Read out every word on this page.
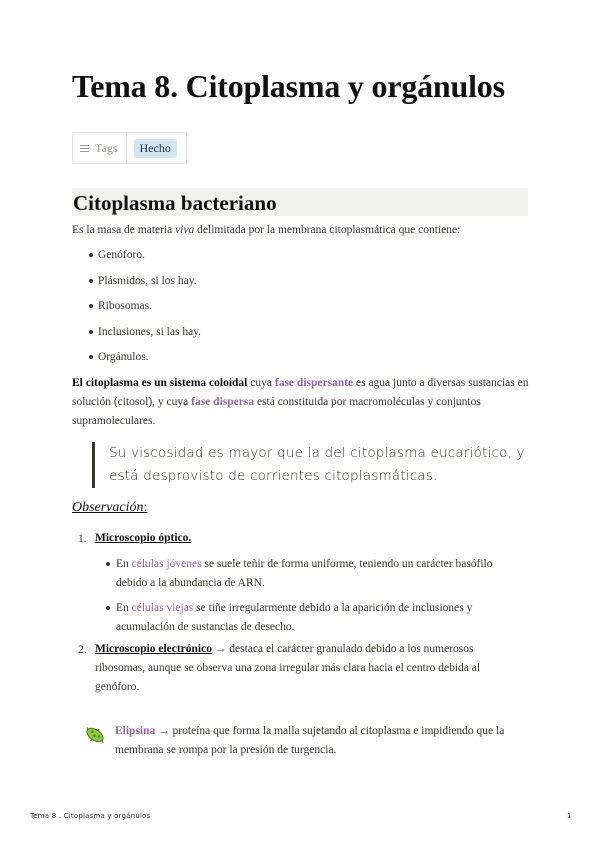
Tema 8. Citoplasma y orgánulos
Tags	Hecho
Citoplasma bacteriano

Es la masa de materia viva delimitada por la membrana citoplasmática que contiene:

Genóforo.
Plásmidos, si los hay.
Ribosomas.
Inclusiones, si las hay.
Orgánulos.

El citoplasma es un sistema coloidal cuya fase dispersante es agua junto a diversas sustancias en solución (citosol), y cuya fase dispersa está constituida por macromoléculas y conjuntos supramoleculares.

Su viscosidad es mayor que la del citoplasma eucariótico, y está desprovisto de corrientes citoplasmáticas.
Observación:
1. Microscopio óptico.
En células jóvenes se suele teñir de forma uniforme, teniendo un carácter basófilo debido a la abundancia de ARN.
En células viejas se tiñe irregularmente debido a la aparición de inclusiones y acumulación de sustancias de desecho.
2. Microscopio electrónico → destaca el carácter granulado debido a los numerosos ribosomas, aunque se observa una zona irregular más clara hacia el centro debida al genóforo.
Elipsina → proteína que forma la malla sujetando al citoplasma e impidiendo que la membrana se rompa por la presión de turgencia.
Tema 8 . Citoplasma y orgánulos	1
